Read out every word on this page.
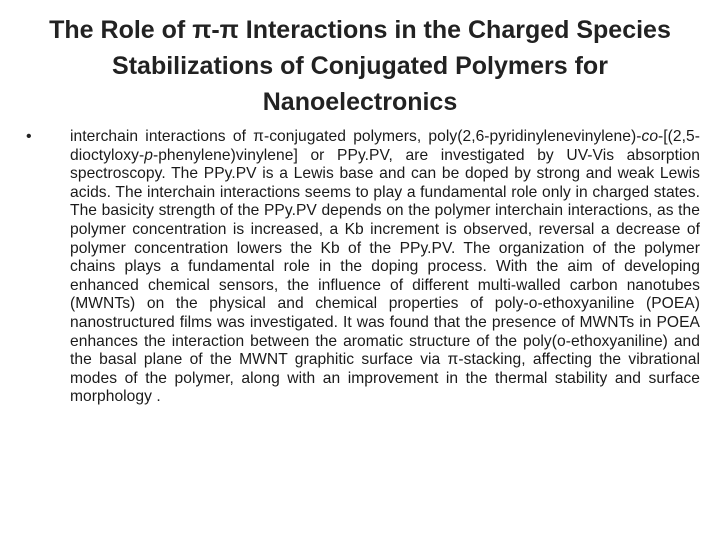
The Role of π-π Interactions in the Charged Species Stabilizations of Conjugated Polymers for Nanoelectronics
• interchain interactions of π-conjugated polymers, poly(2,6-pyridinylenevinylene)-co-[(2,5-dioctyloxy-p-phenylene)vinylene] or PPy.PV, are investigated by UV-Vis absorption spectroscopy. The PPy.PV is a Lewis base and can be doped by strong and weak Lewis acids. The interchain interactions seems to play a fundamental role only in charged states. The basicity strength of the PPy.PV depends on the polymer interchain interactions, as the polymer concentration is increased, a Kb increment is observed, reversal a decrease of polymer concentration lowers the Kb of the PPy.PV. The organization of the polymer chains plays a fundamental role in the doping process. With the aim of developing enhanced chemical sensors, the influence of different multi-walled carbon nanotubes (MWNTs) on the physical and chemical properties of poly-o-ethoxyaniline (POEA) nanostructured films was investigated. It was found that the presence of MWNTs in POEA enhances the interaction between the aromatic structure of the poly(o-ethoxyaniline) and the basal plane of the MWNT graphitic surface via π-stacking, affecting the vibrational modes of the polymer, along with an improvement in the thermal stability and surface morphology .
